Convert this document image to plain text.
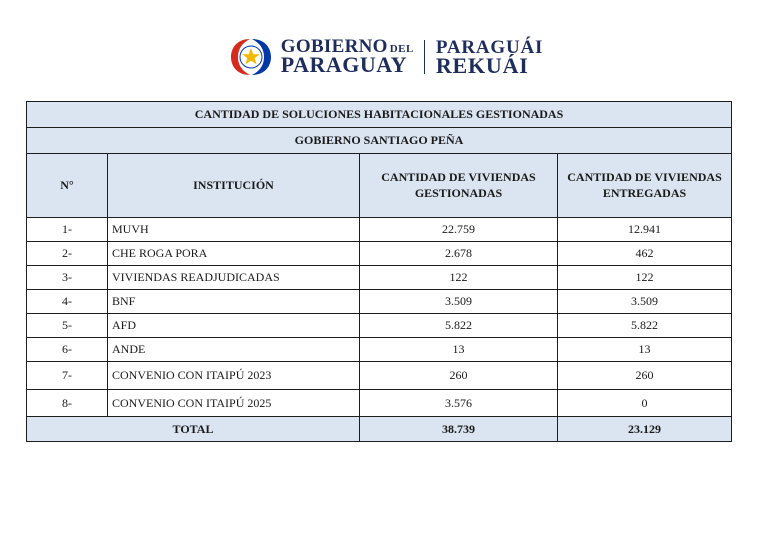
GOBIERNO DEL
PARAGUAY
PARAGUÁI
REKUÁI
CANTIDAD DE SOLUCIONES HABITACIONALES GESTIONADAS			
GOBIERNO SANTIAGO PEÑA			
N°	INSTITUCIÓN	CANTIDAD DE VIVIENDAS GESTIONADAS	CANTIDAD DE VIVIENDAS ENTREGADAS
1-	MUVH	22.759	12.941
2-	CHE ROGA PORA	2.678	462
3-	VIVIENDAS READJUDICADAS	122	122
4-	BNF	3.509	3.509
5-	AFD	5.822	5.822
6-	ANDE	13	13
7-	CONVENIO CON ITAIPÚ 2023	260	260
8-	CONVENIO CON ITAIPÚ 2025	3.576	0
TOTAL		38.739	23.129
